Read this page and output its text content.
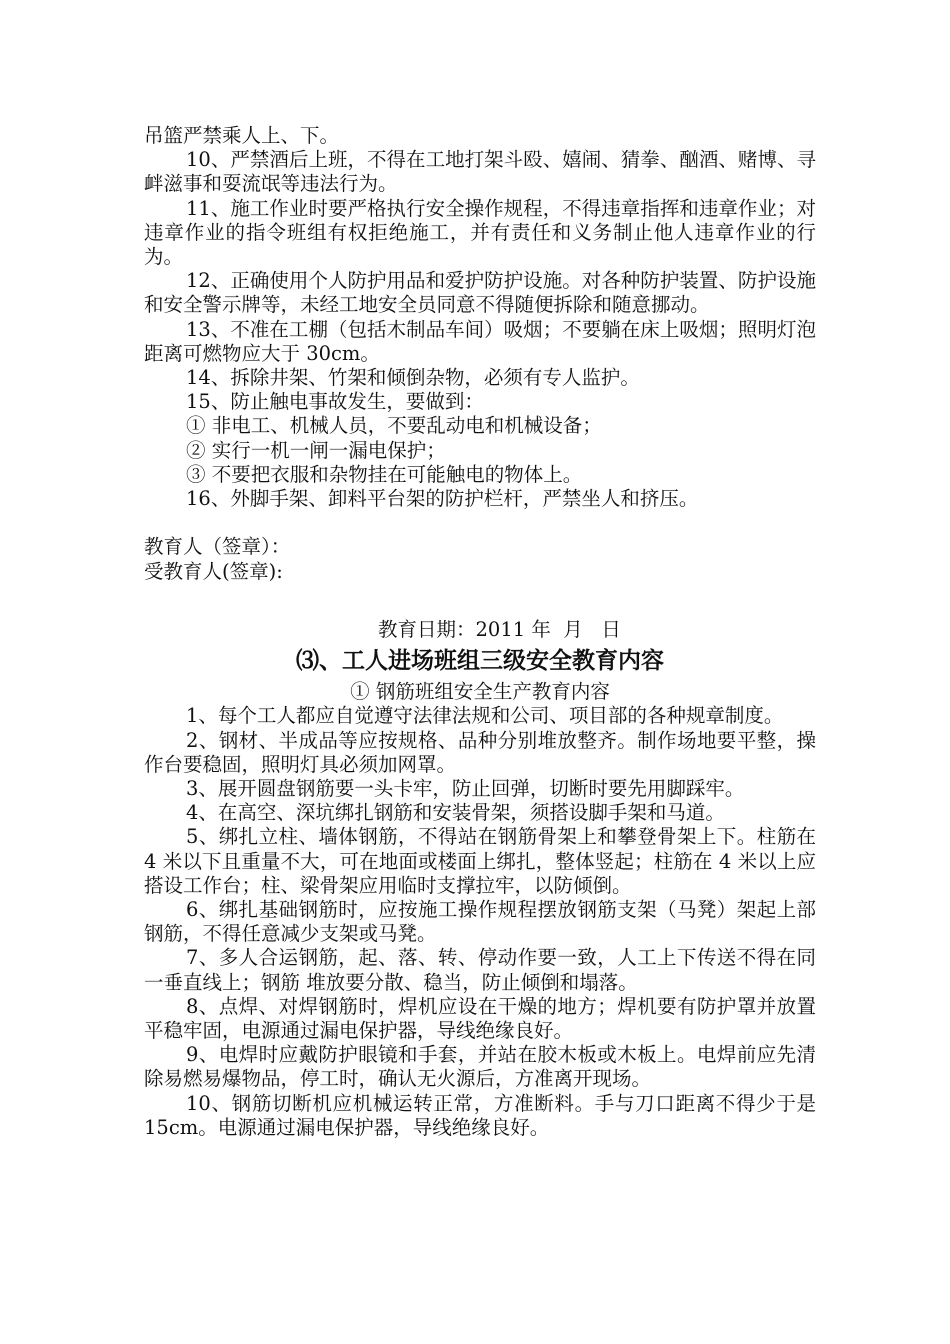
吊篮严禁乘人上、下。

10、严禁酒后上班，不得在工地打架斗殴、嬉闹、猜拳、酗酒、赌博、寻衅滋事和耍流氓等违法行为。

11、施工作业时要严格执行安全操作规程，不得违章指挥和违章作业；对违章作业的指令班组有权拒绝施工，并有责任和义务制止他人违章作业的行为。

12、正确使用个人防护用品和爱护防护设施。对各种防护装置、防护设施和安全警示牌等，未经工地安全员同意不得随便拆除和随意挪动。

13、不准在工棚（包括木制品车间）吸烟；不要躺在床上吸烟；照明灯泡距离可燃物应大于 30cm。

14、拆除井架、竹架和倾倒杂物，必须有专人监护。

15、防止触电事故发生，要做到：

① 非电工、机械人员，不要乱动电和机械设备；

② 实行一机一闸一漏电保护；

③ 不要把衣服和杂物挂在可能触电的物体上。

16、外脚手架、卸料平台架的防护栏杆，严禁坐人和挤压。

教育人（签章）：

受教育人(签章):

教育日期：2011 年  月   日

⑶、工人进场班组三级安全教育内容

① 钢筋班组安全生产教育内容

1、每个工人都应自觉遵守法律法规和公司、项目部的各种规章制度。

2、钢材、半成品等应按规格、品种分别堆放整齐。制作场地要平整，操作台要稳固，照明灯具必须加网罩。

3、展开圆盘钢筋要一头卡牢，防止回弹，切断时要先用脚踩牢。

4、在高空、深坑绑扎钢筋和安装骨架，须搭设脚手架和马道。

5、绑扎立柱、墙体钢筋，不得站在钢筋骨架上和攀登骨架上下。柱筋在 4 米以下且重量不大，可在地面或楼面上绑扎，整体竖起；柱筋在 4 米以上应搭设工作台；柱、梁骨架应用临时支撑拉牢，以防倾倒。

6、绑扎基础钢筋时，应按施工操作规程摆放钢筋支架（马凳）架起上部钢筋，不得任意减少支架或马凳。

7、多人合运钢筋，起、落、转、停动作要一致，人工上下传送不得在同一垂直线上；钢筋 堆放要分散、稳当，防止倾倒和塌落。

8、点焊、对焊钢筋时，焊机应设在干燥的地方；焊机要有防护罩并放置平稳牢固，电源通过漏电保护器，导线绝缘良好。

9、电焊时应戴防护眼镜和手套，并站在胶木板或木板上。电焊前应先清除易燃易爆物品，停工时，确认无火源后，方准离开现场。

10、钢筋切断机应机械运转正常，方准断料。手与刀口距离不得少于是 15cm。电源通过漏电保护器，导线绝缘良好。
